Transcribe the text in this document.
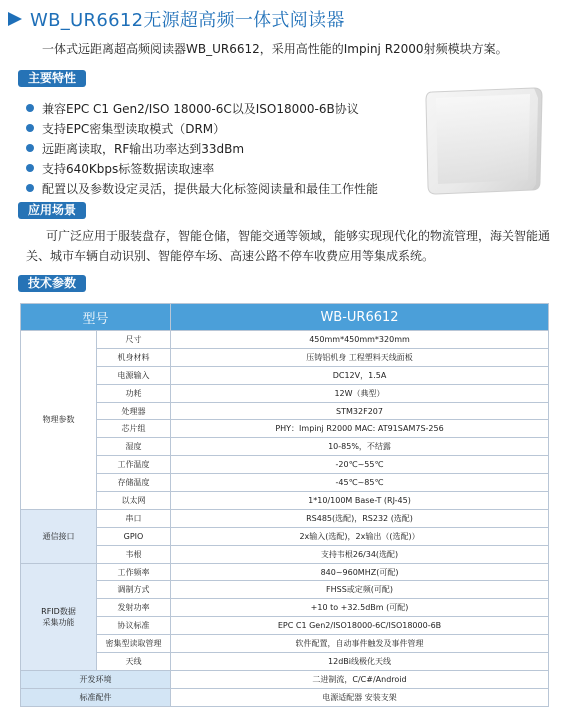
WB_UR6612无源超高频一体式阅读器
一体式远距离超高频阅读器WB_UR6612，采用高性能的Impinj R2000射频模块方案。
主要特性
兼容EPC C1 Gen2/ISO 18000-6C以及ISO18000-6B协议
支持EPC密集型读取模式（DRM）
远距离读取，RF输出功率达到33dBm
支持640Kbps标签数据读取速率
配置以及参数设定灵活，提供最大化标签阅读量和最佳工作性能
应用场景
可广泛应用于服装盘存，智能仓储，智能交通等领域，能够实现现代化的物流管理，海关智能通关、城市车辆自动识别、智能停车场、高速公路不停车收费应用等集成系统。
技术参数
型号		WB-UR6612
物理参数	尺寸	450mm*450mm*320mm
	机身材料	压铸铝机身 工程塑料天线面板
	电源输入	DC12V，1.5A
	功耗	12W（典型）
	处理器	STM32F207
	芯片组	PHY：Impinj R2000 MAC: AT91SAM7S-256
	湿度	10-85%，不结露
	工作温度	-20℃~55℃
	存储温度	-45℃~85℃
	以太网	1*10/100M Base-T (RJ-45)
通信接口	串口	RS485(选配)，RS232 (选配)
	GPIO	2x输入(选配)，2x输出（(选配)）
	韦根	支持韦根26/34(选配)
RFID数据
采集功能	工作频率	840~960MHZ(可配)
	调制方式	FHSS或定频(可配)
	发射功率	+10 to +32.5dBm (可配)
	协议标准	EPC C1 Gen2/ISO18000-6C/ISO18000-6B
	密集型读取管理	软件配置，自动事件触发及事件管理
	天线	12dBi线极化天线
开发环境		二进制流，C/C#/Android
标准配件		电源适配器 安装支架
